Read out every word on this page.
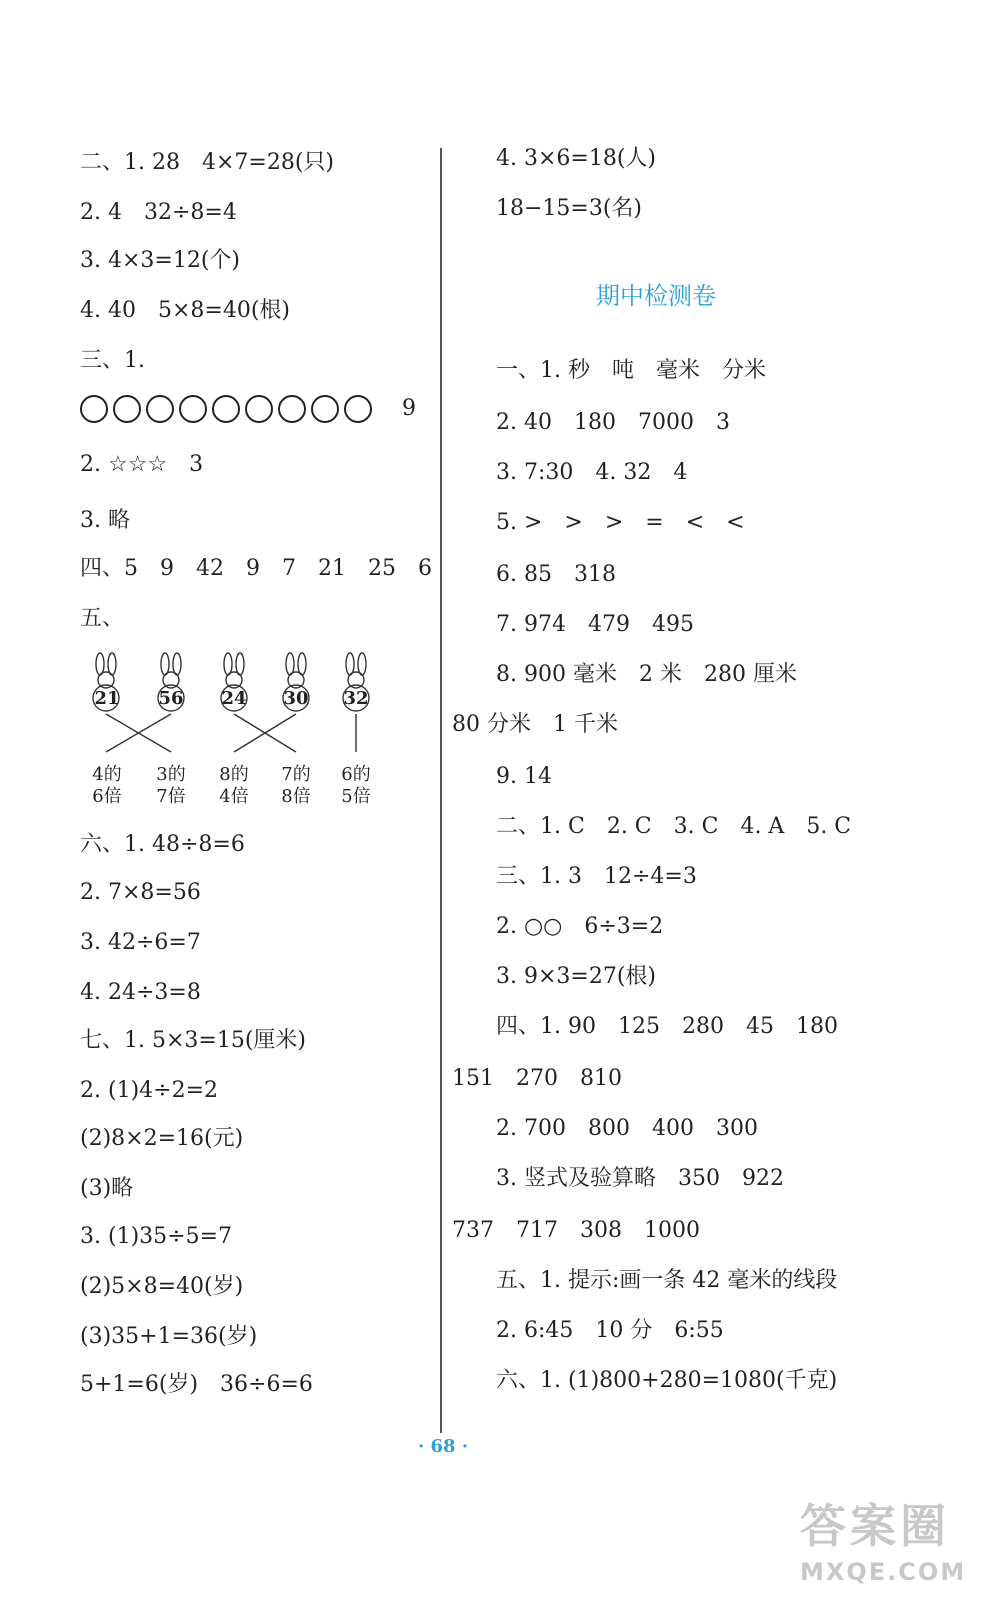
二、1. 28　4×7=28(只)
2. 4　32÷8=4
3. 4×3=12(个)
4. 40　5×8=40(根)
三、1.
9
2. ☆☆☆　3
3. 略
四、5　9　42　9　7　21　25　6
五、
21	56	24	30	32
4的
6倍
3的
7倍
8的
4倍
7的
8倍
6的
5倍
六、1. 48÷8=6
2. 7×8=56
3. 42÷6=7
4. 24÷3=8
七、1. 5×3=15(厘米)
2. (1)4÷2=2
(2)8×2=16(元)
(3)略
3. (1)35÷5=7
(2)5×8=40(岁)
(3)35+1=36(岁)
5+1=6(岁)　36÷6=6
4. 3×6=18(人)
18−15=3(名)
期中检测卷
一、1. 秒　吨　毫米　分米
2. 40　180　7000　3
3. 7:30　4. 32　4
5. >　>　>　=　<　<
6. 85　318
7. 974　479　495
8. 900 毫米　2 米　280 厘米
80 分米　1 千米
9. 14
二、1. C　2. C　3. C　4. A　5. C
三、1. 3　12÷4=3
2. ○○　6÷3=2
3. 9×3=27(根)
四、1. 90　125　280　45　180
151　270　810
2. 700　800　400　300
3. 竖式及验算略　350　922
737　717　308　1000
五、1. 提示:画一条 42 毫米的线段
2. 6:45　10 分　6:55
六、1. (1)800+280=1080(千克)
· 68 ·
答案圈
MXQE.COM
